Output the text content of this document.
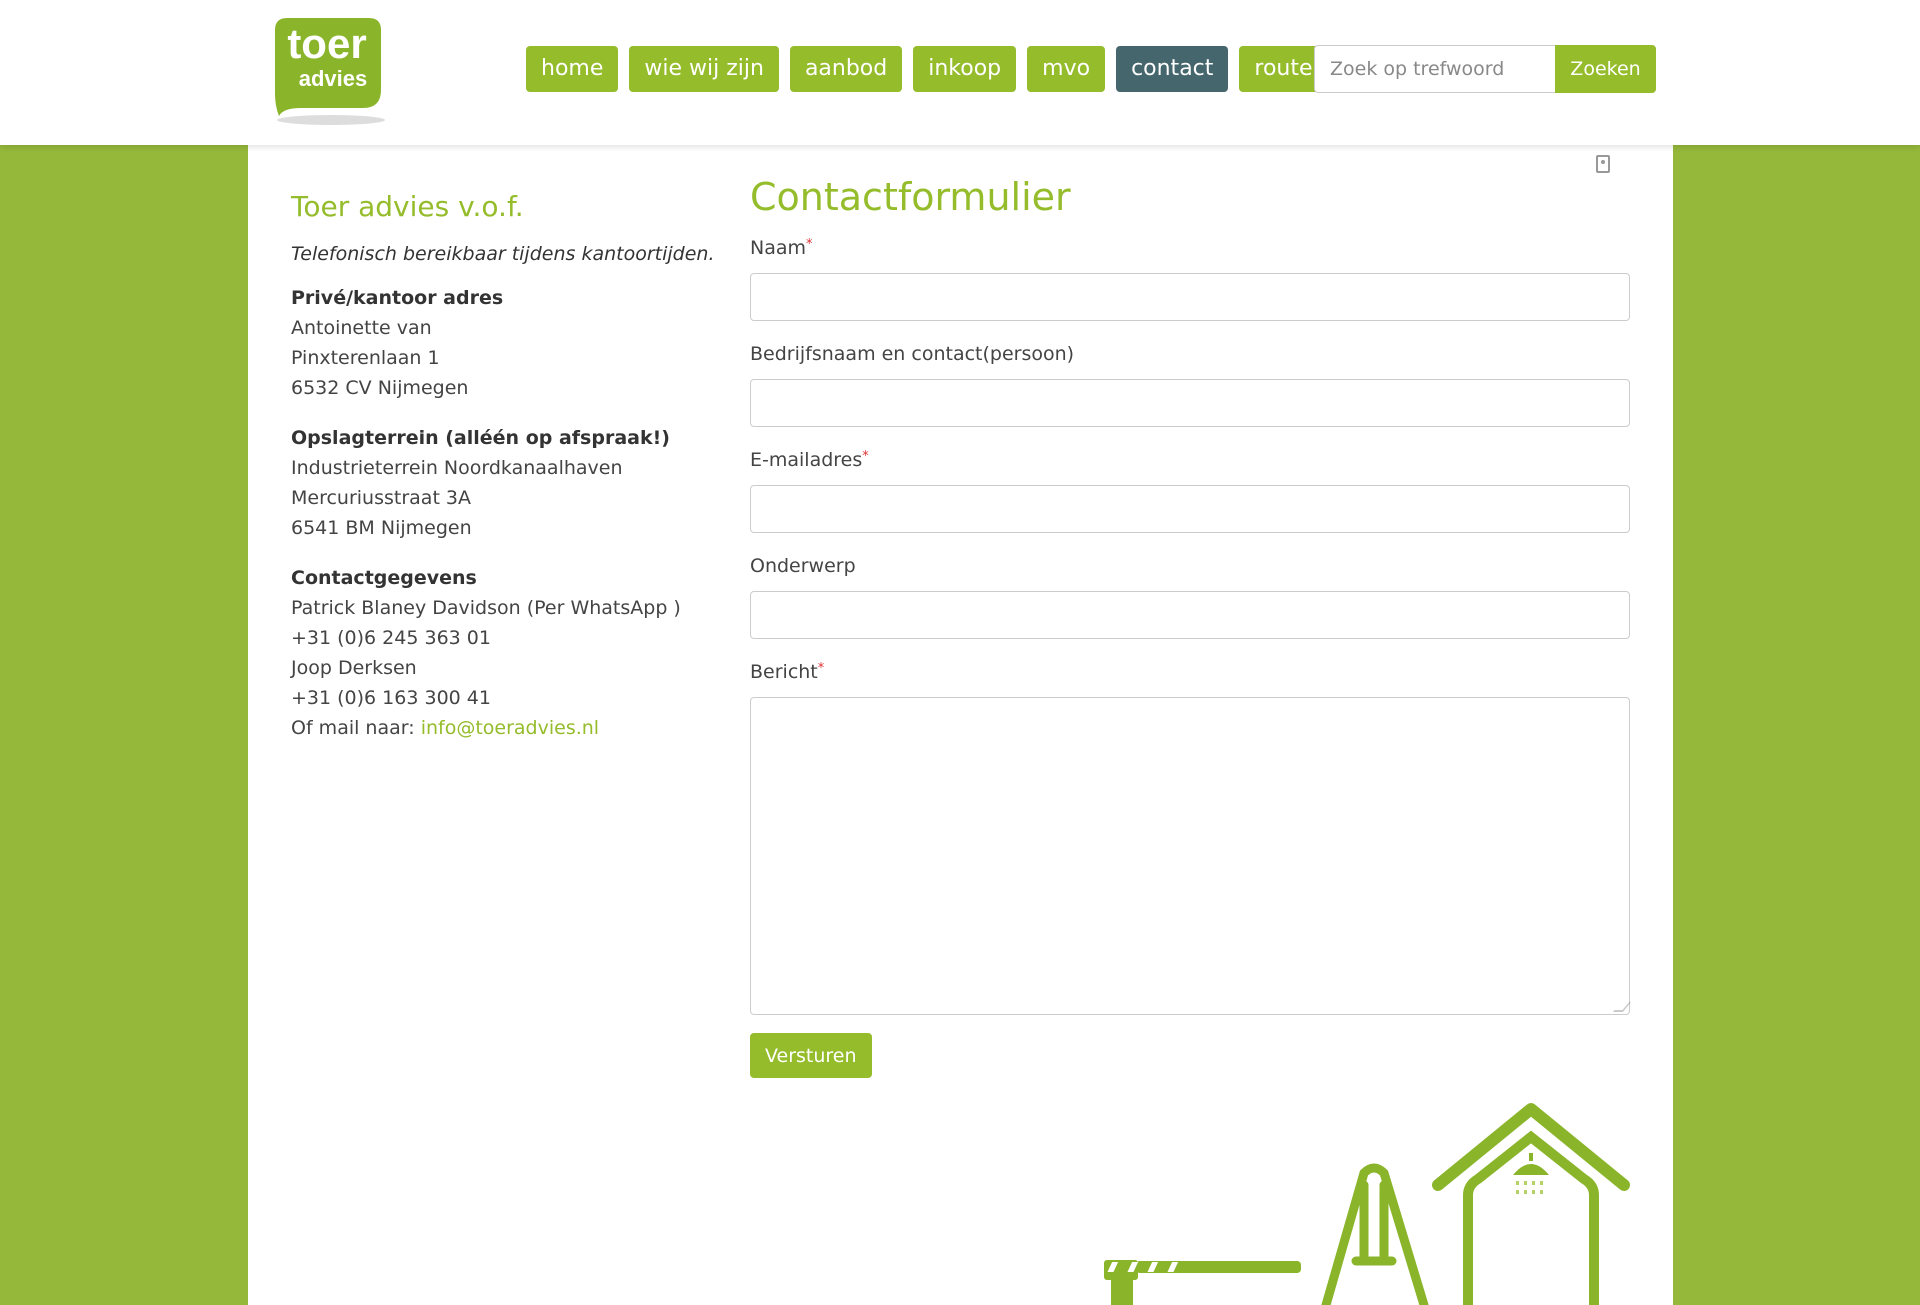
toer
advies	home	wie wij zijn	aanbod	inkoop	mvo	contact	route
Zoek op trefwoord	Zoeken
Toer advies v.o.f.

Telefonisch bereikbaar tijdens kantoortijden.

Privé/kantoor adres

Antoinette van

Pinxterenlaan 1

6532 CV Nijmegen

Opslagterrein (alléén op afspraak!)

Industrieterrein Noordkanaalhaven

Mercuriusstraat 3A

6541 BM Nijmegen

Contactgegevens

Patrick Blaney Davidson (Per WhatsApp )

+31 (0)6 245 363 01

Joop Derksen

+31 (0)6 163 300 41

Of mail naar: info@toeradvies.nl

Contactformulier
Naam*
Bedrijfsnaam en contact(persoon)
E-mailadres*
Onderwerp
Bericht*
Versturen
